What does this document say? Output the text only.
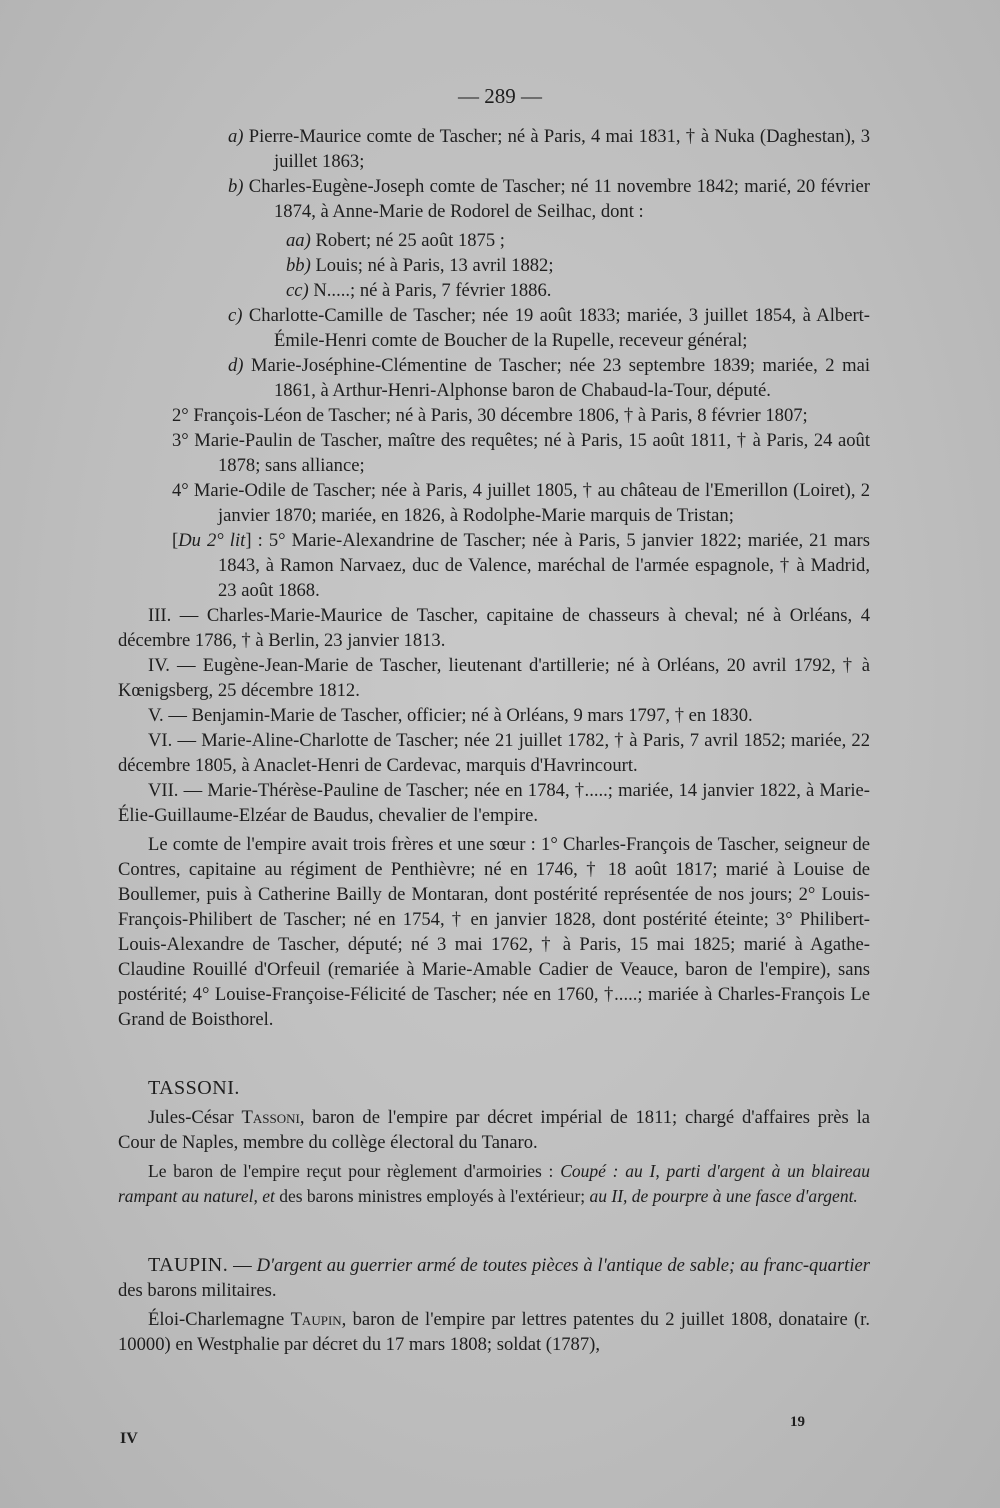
— 289 —

a) Pierre-Maurice comte de Tascher; né à Paris, 4 mai 1831, † à Nuka (Daghestan), 3 juillet 1863;

b) Charles-Eugène-Joseph comte de Tascher; né 11 novembre 1842; marié, 20 février 1874, à Anne-Marie de Rodorel de Seilhac, dont :

aa) Robert; né 25 août 1875 ;

bb) Louis; né à Paris, 13 avril 1882;

cc) N.....; né à Paris, 7 février 1886.

c) Charlotte-Camille de Tascher; née 19 août 1833; mariée, 3 juillet 1854, à Albert-Émile-Henri comte de Boucher de la Rupelle, receveur général;

d) Marie-Joséphine-Clémentine de Tascher; née 23 septembre 1839; mariée, 2 mai 1861, à Arthur-Henri-Alphonse baron de Chabaud-la-Tour, député.

2° François-Léon de Tascher; né à Paris, 30 décembre 1806, † à Paris, 8 février 1807;

3° Marie-Paulin de Tascher, maître des requêtes; né à Paris, 15 août 1811, † à Paris, 24 août 1878; sans alliance;

4° Marie-Odile de Tascher; née à Paris, 4 juillet 1805, † au château de l'Emerillon (Loiret), 2 janvier 1870; mariée, en 1826, à Rodolphe-Marie marquis de Tristan;

[Du 2° lit] : 5° Marie-Alexandrine de Tascher; née à Paris, 5 janvier 1822; mariée, 21 mars 1843, à Ramon Narvaez, duc de Valence, maréchal de l'armée espagnole, † à Madrid, 23 août 1868.

III. — Charles-Marie-Maurice de Tascher, capitaine de chasseurs à cheval; né à Orléans, 4 décembre 1786, † à Berlin, 23 janvier 1813.

IV. — Eugène-Jean-Marie de Tascher, lieutenant d'artillerie; né à Orléans, 20 avril 1792, † à Kœnigsberg, 25 décembre 1812.

V. — Benjamin-Marie de Tascher, officier; né à Orléans, 9 mars 1797, † en 1830.

VI. — Marie-Aline-Charlotte de Tascher; née 21 juillet 1782, † à Paris, 7 avril 1852; mariée, 22 décembre 1805, à Anaclet-Henri de Cardevac, marquis d'Havrincourt.

VII. — Marie-Thérèse-Pauline de Tascher; née en 1784, †.....; mariée, 14 janvier 1822, à Marie-Élie-Guillaume-Elzéar de Baudus, chevalier de l'empire.

Le comte de l'empire avait trois frères et une sœur : 1° Charles-François de Tascher, seigneur de Contres, capitaine au régiment de Penthièvre; né en 1746, † 18 août 1817; marié à Louise de Boullemer, puis à Catherine Bailly de Montaran, dont postérité représentée de nos jours; 2° Louis-François-Philibert de Tascher; né en 1754, † en janvier 1828, dont postérité éteinte; 3° Philibert-Louis-Alexandre de Tascher, député; né 3 mai 1762, † à Paris, 15 mai 1825; marié à Agathe-Claudine Rouillé d'Orfeuil (remariée à Marie-Amable Cadier de Veauce, baron de l'empire), sans postérité; 4° Louise-Françoise-Félicité de Tascher; née en 1760, †.....; mariée à Charles-François Le Grand de Boisthorel.

TASSONI.

Jules-César Tassoni, baron de l'empire par décret impérial de 1811; chargé d'affaires près la Cour de Naples, membre du collège électoral du Tanaro.

Le baron de l'empire reçut pour règlement d'armoiries : Coupé : au I, parti d'argent à un blaireau rampant au naturel, et des barons ministres employés à l'extérieur; au II, de pourpre à une fasce d'argent.

TAUPIN. — D'argent au guerrier armé de toutes pièces à l'antique de sable; au franc-quartier des barons militaires.

Éloi-Charlemagne Taupin, baron de l'empire par lettres patentes du 2 juillet 1808, donataire (r. 10000) en Westphalie par décret du 17 mars 1808; soldat (1787),

IV
19
